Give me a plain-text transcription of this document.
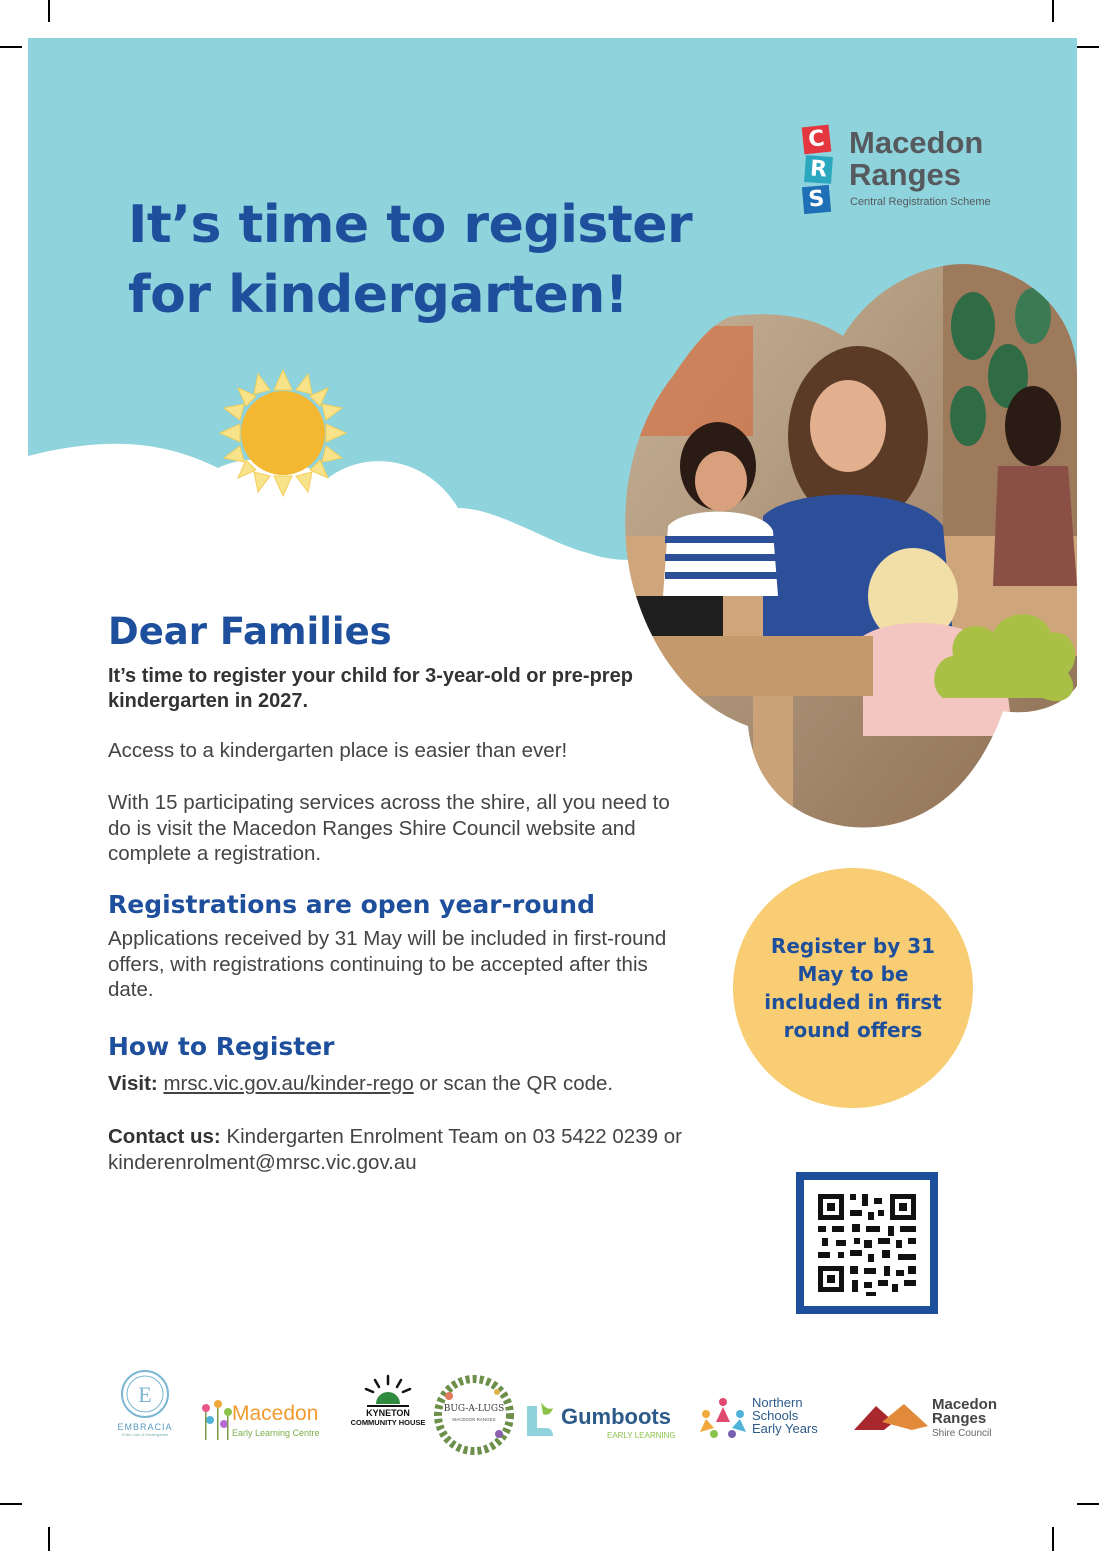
It’s time to register
for kindergarten!
C
R
S
Macedon
Ranges
Central Registration Scheme
Dear Families

It’s time to register your child for 3-year-old or pre-prep kindergarten in 2027.

Access to a kindergarten place is easier than ever!

With 15 participating services across the shire, all you need to do is visit the Macedon Ranges Shire Council website and complete a registration.

Registrations are open year-round

Applications received by 31 May will be included in first-round offers, with registrations continuing to be accepted after this date.

How to Register

Visit: mrsc.vic.gov.au/kinder-rego or scan the QR code.

Contact us: Kindergarten Enrolment Team on 03 5422 0239 or kinderenrolment@mrsc.vic.gov.au

Register by 31 May to be included in first round offers
E
EMBRACIA
Child Care & Kindergarten
Macedon
Early Learning Centre
KYNETON
COMMUNITY HOUSE
BUG-A-LUGS
MACEDON RANGES	Gumboots
EARLY LEARNING
Northern
Schools
Early Years
Macedon
Ranges
Shire Council
